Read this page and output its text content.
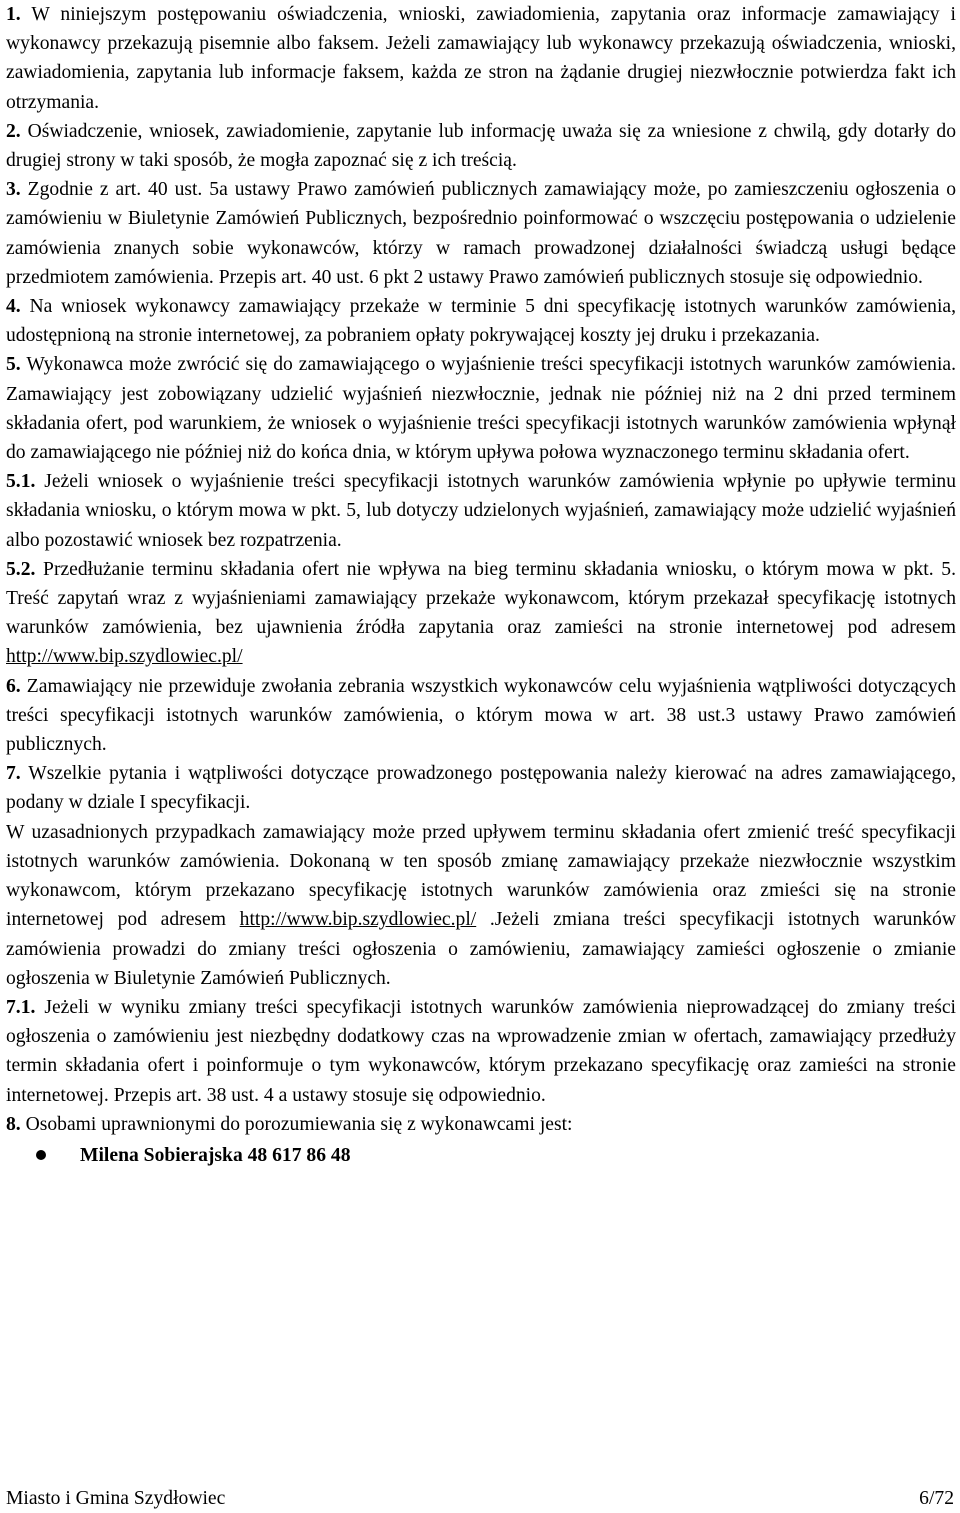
1. W niniejszym postępowaniu oświadczenia, wnioski, zawiadomienia, zapytania oraz informacje zamawiający i wykonawcy przekazują pisemnie albo faksem. Jeżeli zamawiający lub wykonawcy przekazują oświadczenia, wnioski, zawiadomienia, zapytania lub informacje faksem, każda ze stron na żądanie drugiej niezwłocznie potwierdza fakt ich otrzymania.

2. Oświadczenie, wniosek, zawiadomienie, zapytanie lub informację uważa się za wniesione z chwilą, gdy dotarły do drugiej strony w taki sposób, że mogła zapoznać się z ich treścią.

3. Zgodnie z art. 40 ust. 5a ustawy Prawo zamówień publicznych zamawiający może, po zamieszczeniu ogłoszenia o zamówieniu w Biuletynie Zamówień Publicznych, bezpośrednio poinformować o wszczęciu postępowania o udzielenie zamówienia znanych sobie wykonawców, którzy w ramach prowadzonej działalności świadczą usługi będące przedmiotem zamówienia. Przepis art. 40 ust. 6 pkt 2 ustawy Prawo zamówień publicznych stosuje się odpowiednio.

4. Na wniosek wykonawcy zamawiający przekaże w terminie 5 dni specyfikację istotnych warunków zamówienia, udostępnioną na stronie internetowej, za pobraniem opłaty pokrywającej koszty jej druku i przekazania.

5. Wykonawca może zwrócić się do zamawiającego o wyjaśnienie treści specyfikacji istotnych warunków zamówienia. Zamawiający jest zobowiązany udzielić wyjaśnień niezwłocznie, jednak nie później niż na 2 dni przed terminem składania ofert, pod warunkiem, że wniosek o wyjaśnienie treści specyfikacji istotnych warunków zamówienia wpłynął do zamawiającego nie później niż do końca dnia, w którym upływa połowa wyznaczonego terminu składania ofert.

5.1. Jeżeli wniosek o wyjaśnienie treści specyfikacji istotnych warunków zamówienia wpłynie po upływie terminu składania wniosku, o którym mowa w pkt. 5, lub dotyczy udzielonych wyjaśnień, zamawiający może udzielić wyjaśnień albo pozostawić wniosek bez rozpatrzenia.

5.2. Przedłużanie terminu składania ofert nie wpływa na bieg terminu składania wniosku, o którym mowa w pkt. 5. Treść zapytań wraz z wyjaśnieniami zamawiający przekaże wykonawcom, którym przekazał specyfikację istotnych warunków zamówienia, bez ujawnienia źródła zapytania oraz zamieści na stronie internetowej pod adresem http://www.bip.szydlowiec.pl/

6. Zamawiający nie przewiduje zwołania zebrania wszystkich wykonawców celu wyjaśnienia wątpliwości dotyczących treści specyfikacji istotnych warunków zamówienia, o którym mowa w art. 38 ust.3 ustawy Prawo zamówień publicznych.

7. Wszelkie pytania i wątpliwości dotyczące prowadzonego postępowania należy kierować na adres zamawiającego, podany w dziale I specyfikacji.

W uzasadnionych przypadkach zamawiający może przed upływem terminu składania ofert zmienić treść specyfikacji istotnych warunków zamówienia. Dokonaną w ten sposób zmianę zamawiający przekaże niezwłocznie wszystkim wykonawcom, którym przekazano specyfikację istotnych warunków zamówienia oraz zmieści się na stronie internetowej pod adresem http://www.bip.szydlowiec.pl/ .Jeżeli zmiana treści specyfikacji istotnych warunków zamówienia prowadzi do zmiany treści ogłoszenia o zamówieniu, zamawiający zamieści ogłoszenie o zmianie ogłoszenia w Biuletynie Zamówień Publicznych.

7.1. Jeżeli w wyniku zmiany treści specyfikacji istotnych warunków zamówienia nieprowadzącej do zmiany treści ogłoszenia o zamówieniu jest niezbędny dodatkowy czas na wprowadzenie zmian w ofertach, zamawiający przedłuży termin składania ofert i poinformuje o tym wykonawców, którym przekazano specyfikację oraz zamieści na stronie internetowej. Przepis art. 38 ust. 4 a ustawy stosuje się odpowiednio.

8. Osobami uprawnionymi do porozumiewania się z wykonawcami jest:

Milena Sobierajska 48 617 86 48
Miasto i Gmina Szydłowiec	6/72
